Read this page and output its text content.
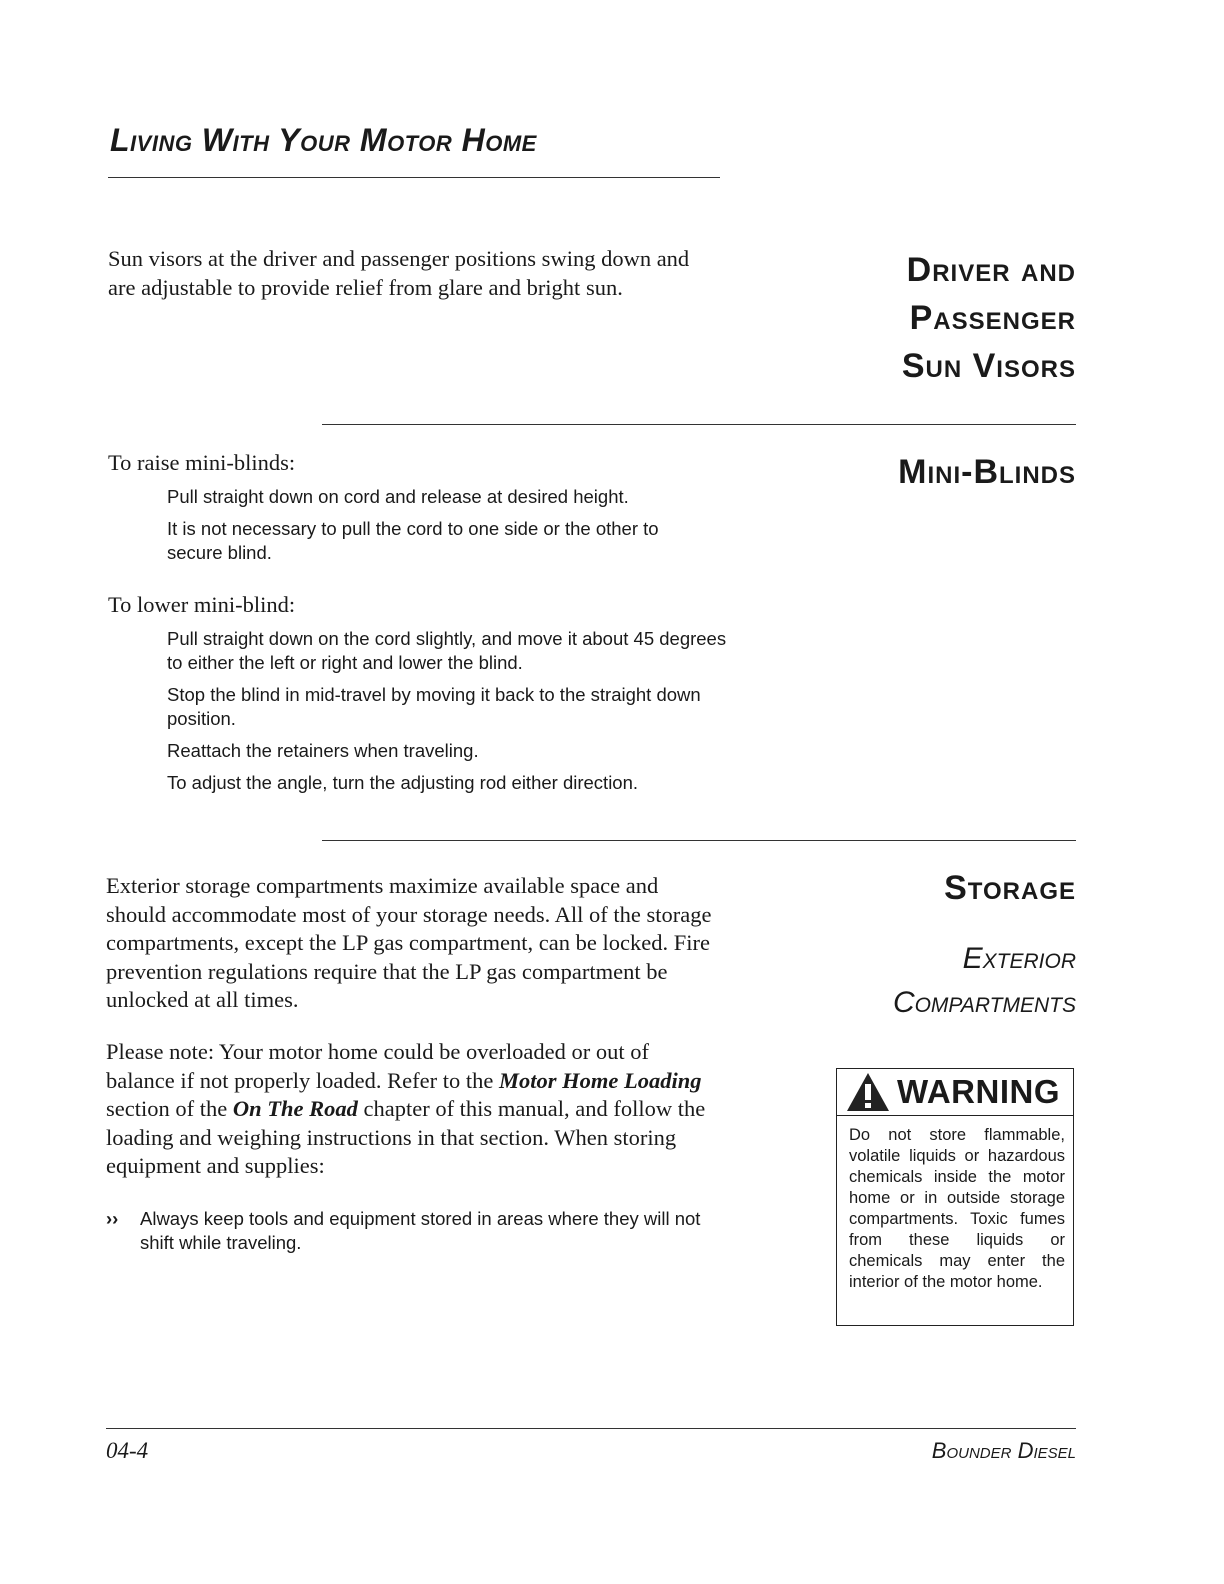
Living With Your Motor Home
Sun visors at the driver and passenger positions swing down and are adjustable to provide relief from glare and bright sun.	Driver and
Passenger
Sun Visors
Mini-Blinds
To raise mini-blinds:
Pull straight down on cord and release at desired height.
It is not necessary to pull the cord to one side or the other to secure blind.
To lower mini-blind:
Pull straight down on the cord slightly, and move it about 45 degrees to either the left or right and lower the blind.
Stop the blind in mid-travel by moving it back to the straight down position.
Reattach the retainers when traveling.
To adjust the angle, turn the adjusting rod either direction.
Storage
Exterior
Compartments
Exterior storage compartments maximize available space and should accommodate most of your storage needs. All of the storage compartments, except the LP gas compartment, can be locked. Fire prevention regulations require that the LP gas compartment be unlocked at all times.
Please note: Your motor home could be overloaded or out of balance if not properly loaded. Refer to the Motor Home Loading section of the On The Road chapter of this manual, and follow the loading and weighing instructions in that section. When storing equipment and supplies:
›› Always keep tools and equipment stored in areas where they will not shift while traveling.
WARNING
Do not store flammable, volatile liquids or hazardous chemicals inside the motor home or in outside storage compartments. Toxic fumes from these liquids or chemicals may enter the interior of the motor home.
04-4	Bounder Diesel
